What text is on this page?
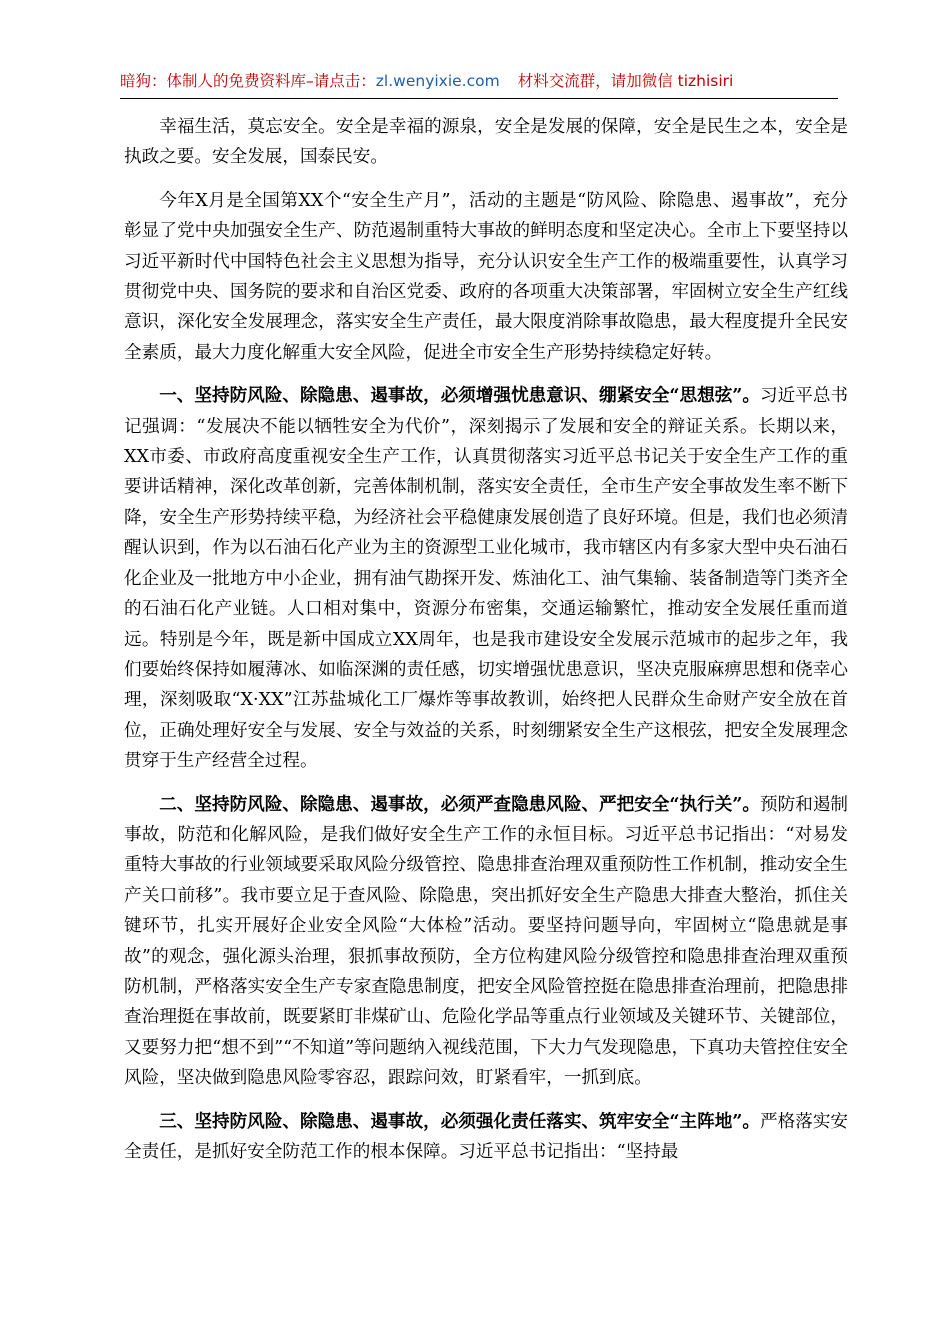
暗狗：体制人的免费资料库–请点击：zl.wenyixie.com 材料交流群，请加微信 tizhisiri

幸福生活，莫忘安全。安全是幸福的源泉，安全是发展的保障，安全是民生之本，安全是执政之要。安全发展，国泰民安。

今年X月是全国第XX个“安全生产月”，活动的主题是“防风险、除隐患、遏事故”，充分彰显了党中央加强安全生产、防范遏制重特大事故的鲜明态度和坚定决心。全市上下要坚持以习近平新时代中国特色社会主义思想为指导，充分认识安全生产工作的极端重要性，认真学习贯彻党中央、国务院的要求和自治区党委、政府的各项重大决策部署，牢固树立安全生产红线意识，深化安全发展理念，落实安全生产责任，最大限度消除事故隐患，最大程度提升全民安全素质，最大力度化解重大安全风险，促进全市安全生产形势持续稳定好转。

一、坚持防风险、除隐患、遏事故，必须增强忧患意识、绷紧安全“思想弦”。习近平总书记强调：“发展决不能以牺牲安全为代价”，深刻揭示了发展和安全的辩证关系。长期以来，XX市委、市政府高度重视安全生产工作，认真贯彻落实习近平总书记关于安全生产工作的重要讲话精神，深化改革创新，完善体制机制，落实安全责任，全市生产安全事故发生率不断下降，安全生产形势持续平稳，为经济社会平稳健康发展创造了良好环境。但是，我们也必须清醒认识到，作为以石油石化产业为主的资源型工业化城市，我市辖区内有多家大型中央石油石化企业及一批地方中小企业，拥有油气勘探开发、炼油化工、油气集输、装备制造等门类齐全的石油石化产业链。人口相对集中，资源分布密集，交通运输繁忙，推动安全发展任重而道远。特别是今年，既是新中国成立XX周年，也是我市建设安全发展示范城市的起步之年，我们要始终保持如履薄冰、如临深渊的责任感，切实增强忧患意识，坚决克服麻痹思想和侥幸心理，深刻吸取“X·XX”江苏盐城化工厂爆炸等事故教训，始终把人民群众生命财产安全放在首位，正确处理好安全与发展、安全与效益的关系，时刻绷紧安全生产这根弦，把安全发展理念贯穿于生产经营全过程。

二、坚持防风险、除隐患、遏事故，必须严查隐患风险、严把安全“执行关”。预防和遏制事故，防范和化解风险，是我们做好安全生产工作的永恒目标。习近平总书记指出：“对易发重特大事故的行业领域要采取风险分级管控、隐患排查治理双重预防性工作机制，推动安全生产关口前移”。我市要立足于查风险、除隐患，突出抓好安全生产隐患大排查大整治，抓住关键环节，扎实开展好企业安全风险“大体检”活动。要坚持问题导向，牢固树立“隐患就是事故”的观念，强化源头治理，狠抓事故预防，全方位构建风险分级管控和隐患排查治理双重预防机制，严格落实安全生产专家查隐患制度，把安全风险管控挺在隐患排查治理前，把隐患排查治理挺在事故前，既要紧盯非煤矿山、危险化学品等重点行业领域及关键环节、关键部位，又要努力把“想不到”“不知道”等问题纳入视线范围，下大力气发现隐患，下真功夫管控住安全风险，坚决做到隐患风险零容忍，跟踪问效，盯紧看牢，一抓到底。

三、坚持防风险、除隐患、遏事故，必须强化责任落实、筑牢安全“主阵地”。严格落实安全责任，是抓好安全防范工作的根本保障。习近平总书记指出：“坚持最
